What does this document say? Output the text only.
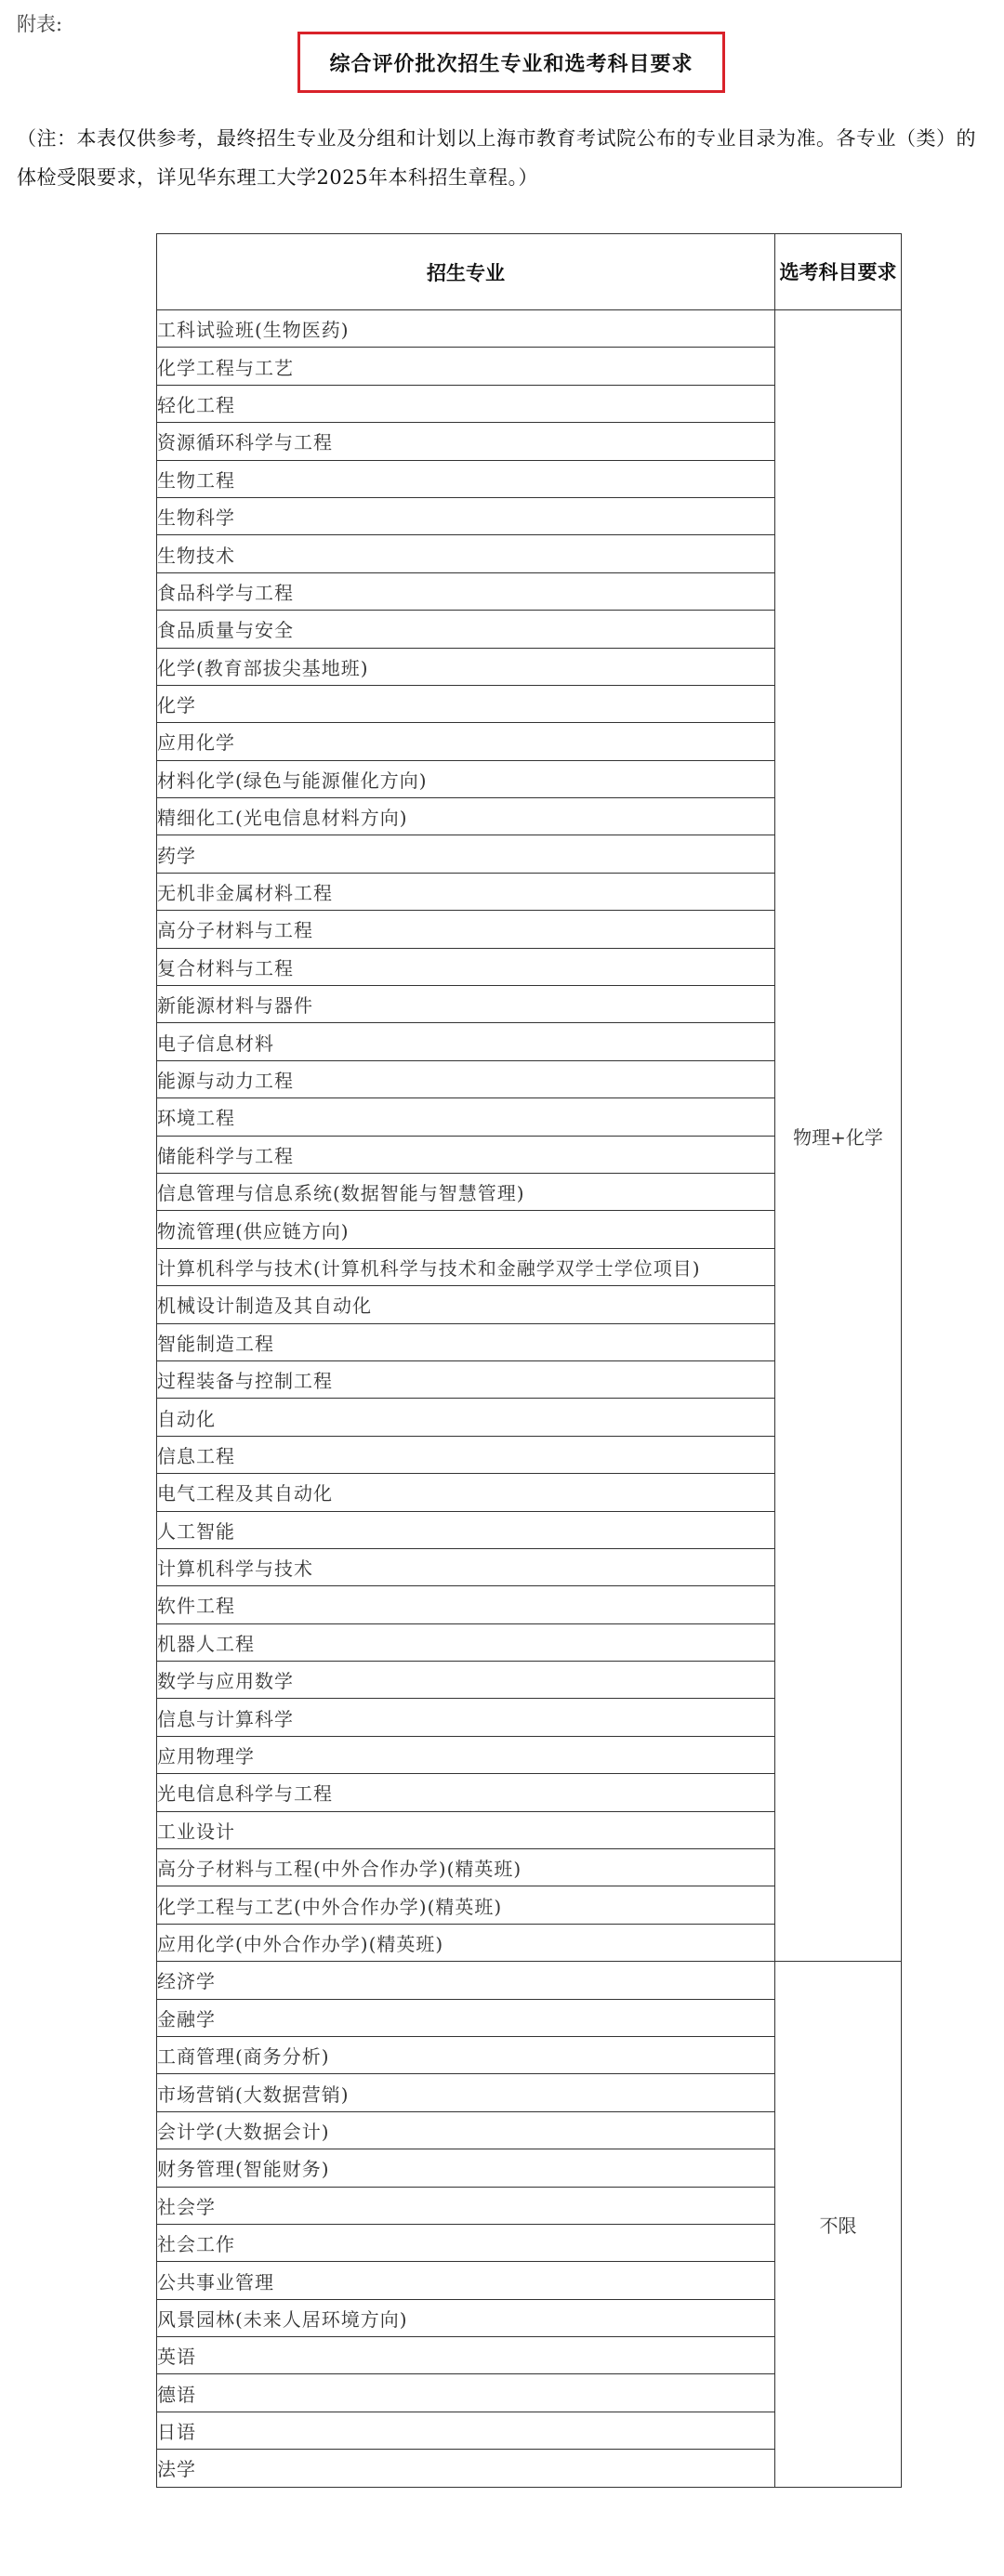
附表:
综合评价批次招生专业和选考科目要求
（注：本表仅供参考，最终招生专业及分组和计划以上海市教育考试院公布的专业目录为准。各专业（类）的体检受限要求，详见华东理工大学2025年本科招生章程。）
招生专业	选考科目要求
工科试验班(生物医药)	物理+化学
化学工程与工艺	
轻化工程	
资源循环科学与工程	
生物工程	
生物科学	
生物技术	
食品科学与工程	
食品质量与安全	
化学(教育部拔尖基地班)	
化学	
应用化学	
材料化学(绿色与能源催化方向)	
精细化工(光电信息材料方向)	
药学	
无机非金属材料工程	
高分子材料与工程	
复合材料与工程	
新能源材料与器件	
电子信息材料	
能源与动力工程	
环境工程	
储能科学与工程	
信息管理与信息系统(数据智能与智慧管理)	
物流管理(供应链方向)	
计算机科学与技术(计算机科学与技术和金融学双学士学位项目)	
机械设计制造及其自动化	
智能制造工程	
过程装备与控制工程	
自动化	
信息工程	
电气工程及其自动化	
人工智能	
计算机科学与技术	
软件工程	
机器人工程	
数学与应用数学	
信息与计算科学	
应用物理学	
光电信息科学与工程	
工业设计	
高分子材料与工程(中外合作办学)(精英班)	
化学工程与工艺(中外合作办学)(精英班)	
应用化学(中外合作办学)(精英班)	
经济学	不限
金融学	
工商管理(商务分析)	
市场营销(大数据营销)	
会计学(大数据会计)	
财务管理(智能财务)	
社会学	
社会工作	
公共事业管理	
风景园林(未来人居环境方向)	
英语	
德语	
日语	
法学	
